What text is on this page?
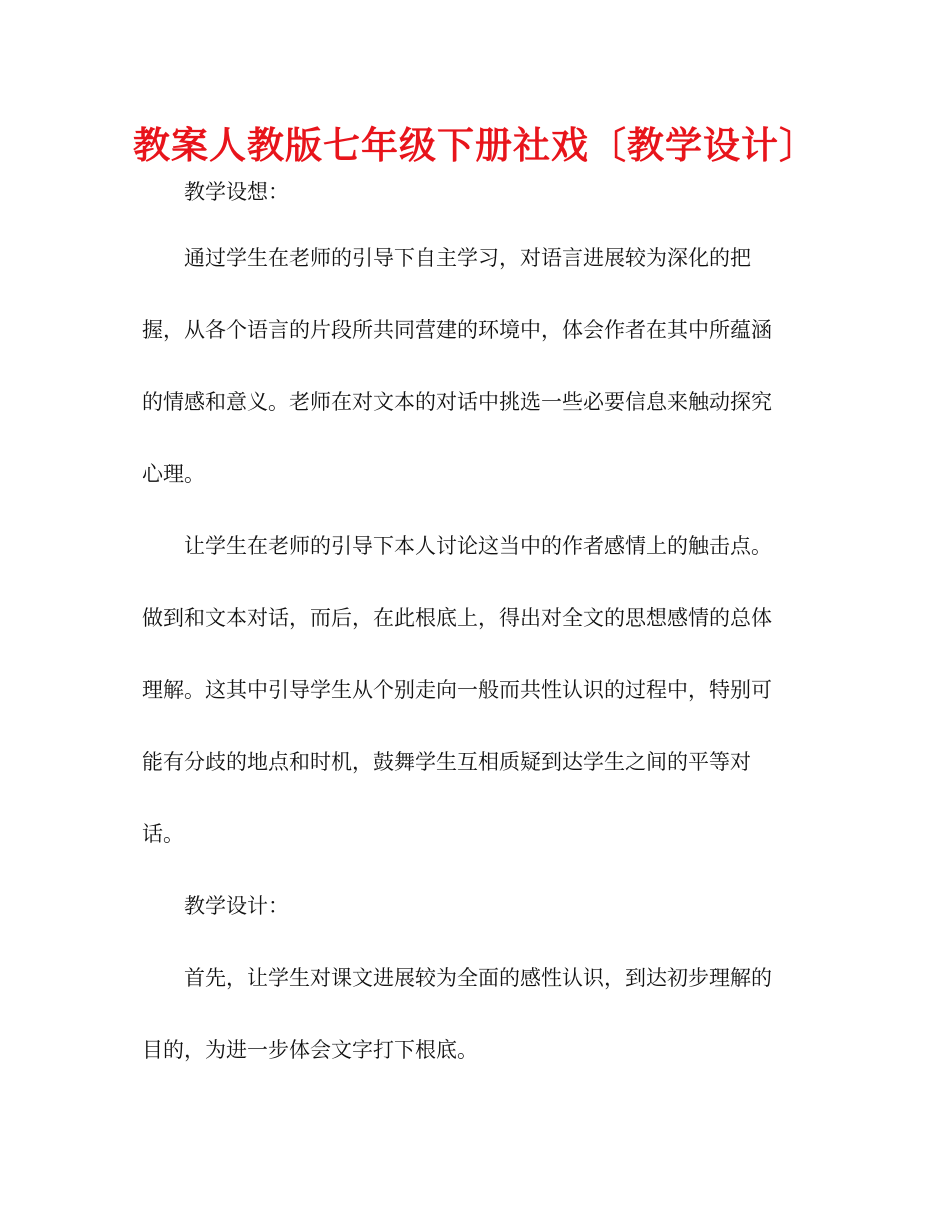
教案人教版七年级下册社戏〔教学设计〕
教学设想：
通过学生在老师的引导下自主学习，对语言进展较为深化的把
握，从各个语言的片段所共同营建的环境中，体会作者在其中所蕴涵
的情感和意义。老师在对文本的对话中挑选一些必要信息来触动探究
心理。
让学生在老师的引导下本人讨论这当中的作者感情上的触击点。
做到和文本对话，而后，在此根底上，得出对全文的思想感情的总体
理解。这其中引导学生从个别走向一般而共性认识的过程中，特别可
能有分歧的地点和时机，鼓舞学生互相质疑到达学生之间的平等对
话。
教学设计：
首先，让学生对课文进展较为全面的感性认识，到达初步理解的
目的，为进一步体会文字打下根底。
